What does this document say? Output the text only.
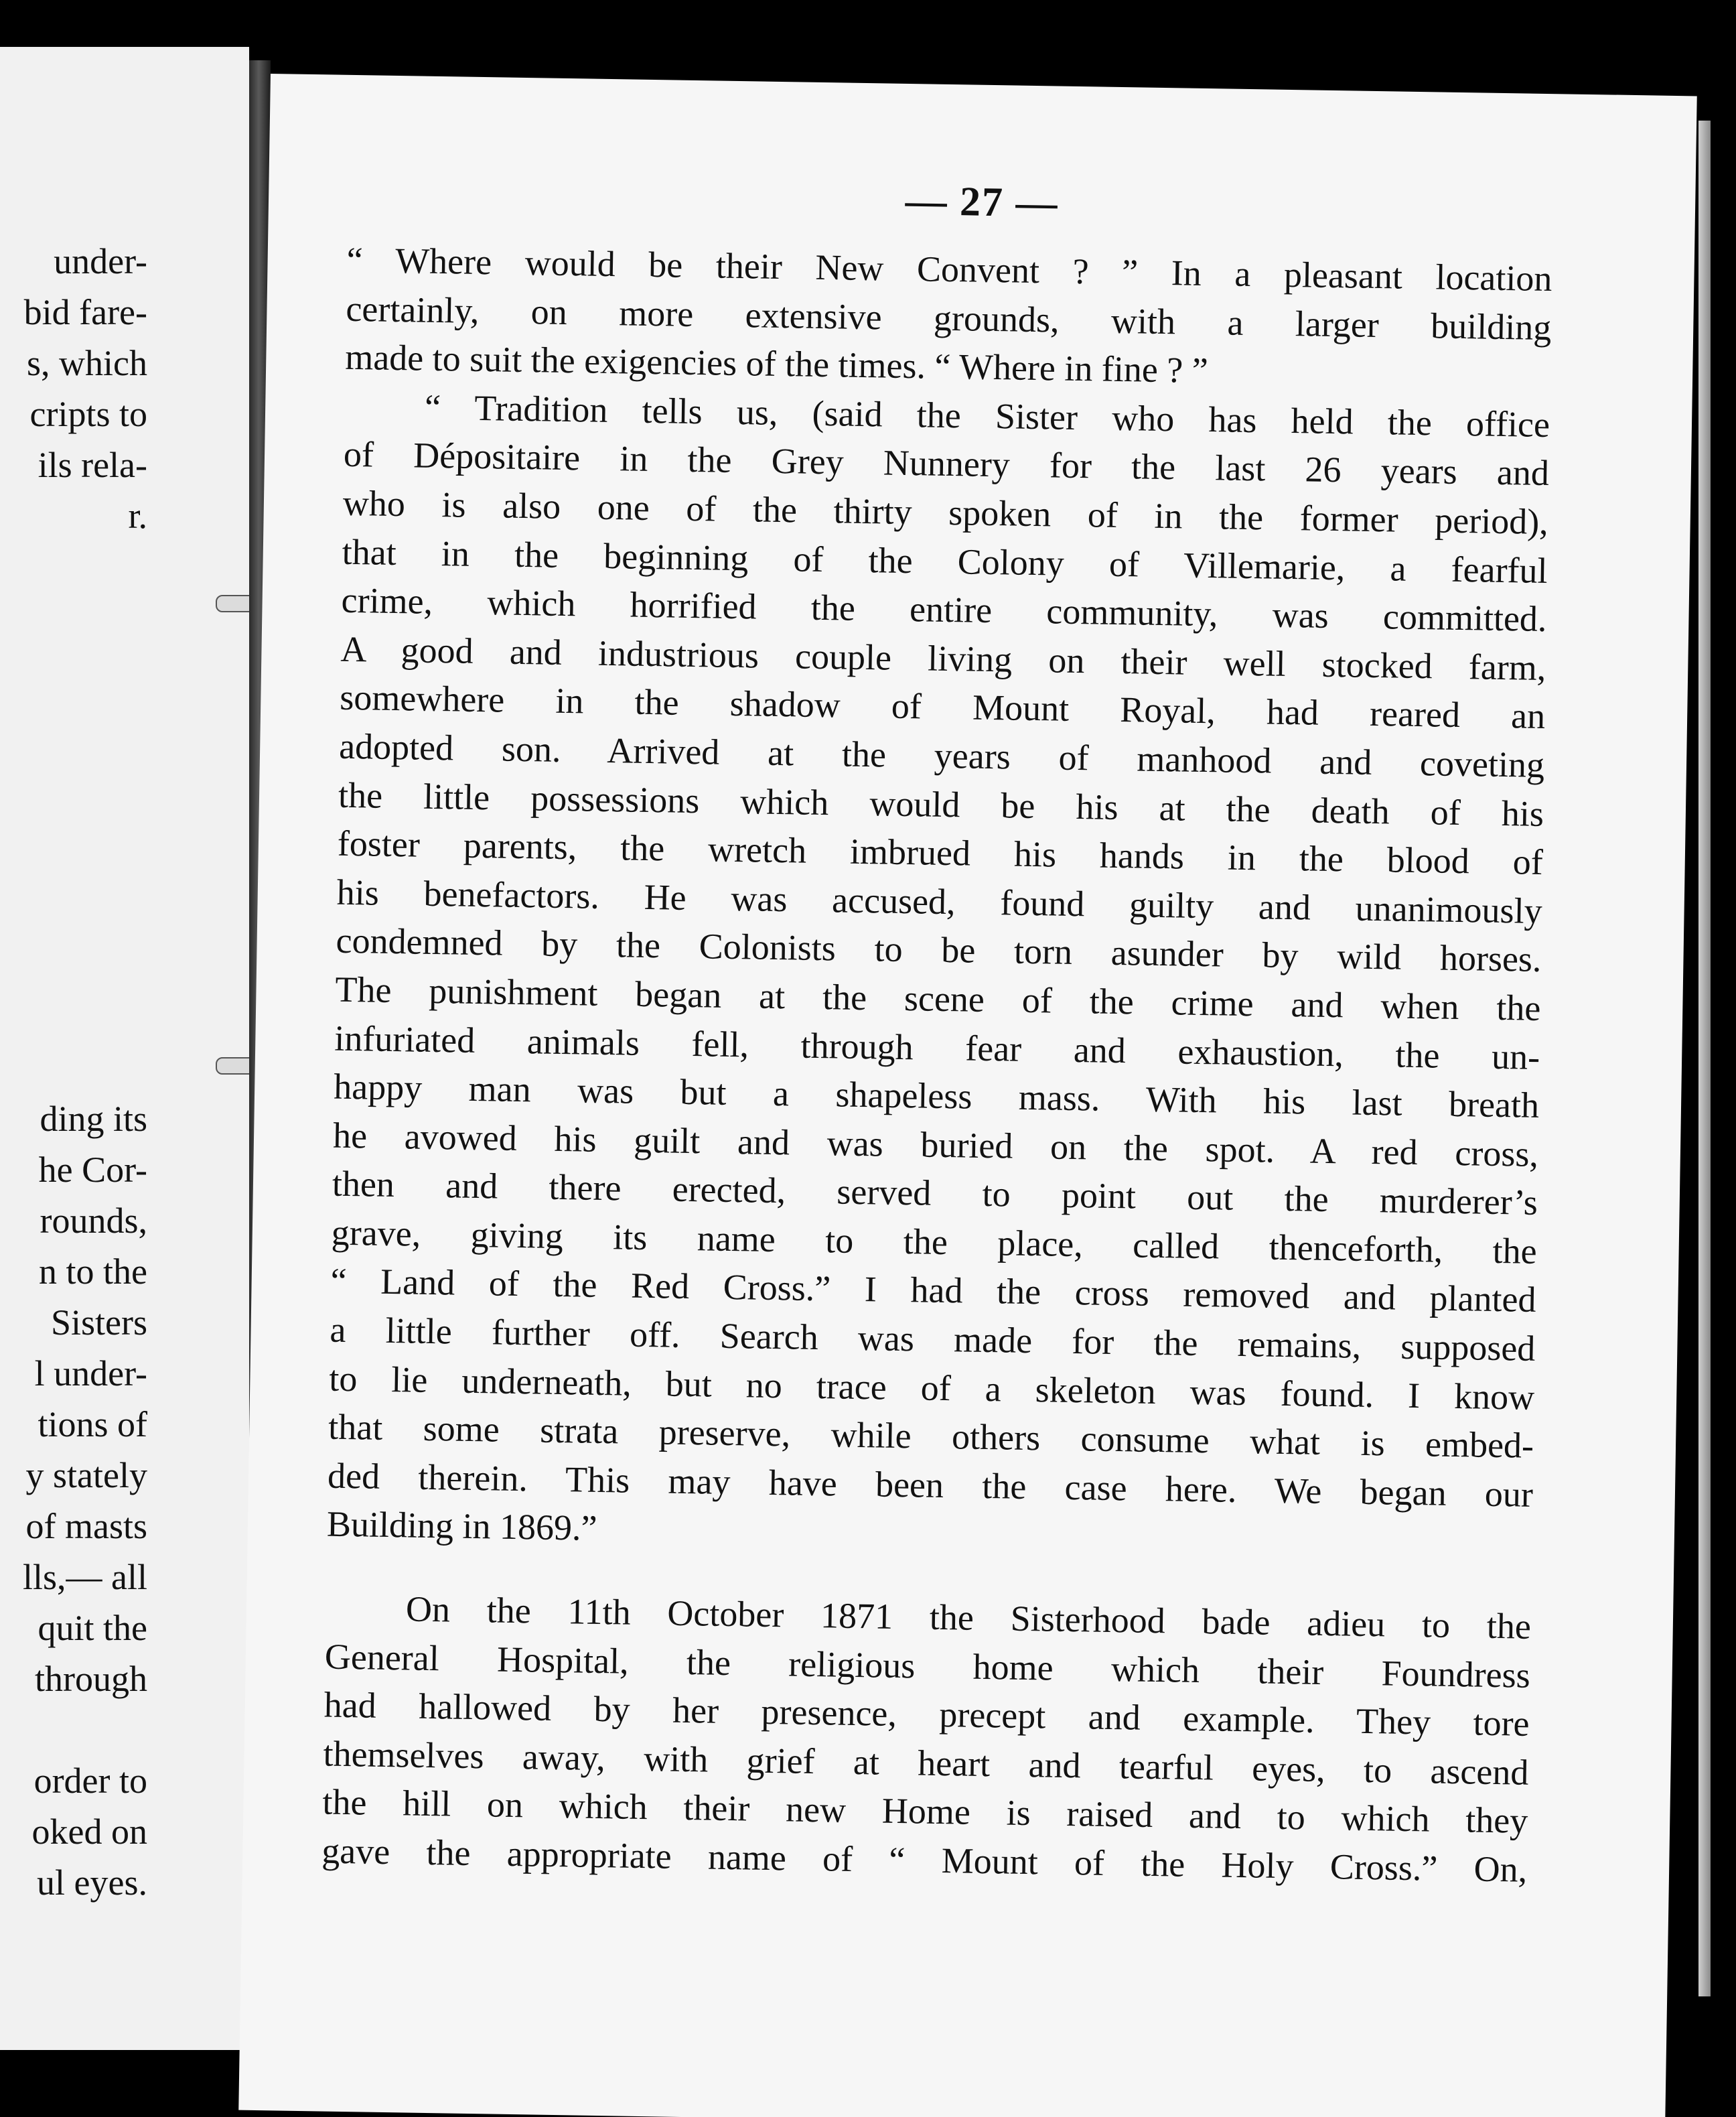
under-
bid fare-
s, which
cripts to
ils rela-
r.
ding its
he Cor-
rounds,
n to the
Sisters
l under-
tions of
y stately
of masts
lls,— all
quit the
through
order to
oked on
ul eyes.
— 27 —
“ Where would be their New Convent ? ” In a pleasant location
certainly, on more extensive grounds, with a larger building
made to suit the exigencies of the times. “ Where in fine ? ”
“ Tradition tells us, (said the Sister who has held the office
of Dépositaire in the Grey Nunnery for the last 26 years and
who is also one of the thirty spoken of in the former period),
that in the beginning of the Colony of Villemarie, a fearful
crime, which horrified the entire community, was committed.
A good and industrious couple living on their well stocked farm,
somewhere in the shadow of Mount Royal, had reared an
adopted son. Arrived at the years of manhood and coveting
the little possessions which would be his at the death of his
foster parents, the wretch imbrued his hands in the blood of
his benefactors. He was accused, found guilty and unanimously
condemned by the Colonists to be torn asunder by wild horses.
The punishment began at the scene of the crime and when the
infuriated animals fell, through fear and exhaustion, the un-
happy man was but a shapeless mass. With his last breath
he avowed his guilt and was buried on the spot. A red cross,
then and there erected, served to point out the murderer’s
grave, giving its name to the place, called thenceforth, the
“ Land of the Red Cross.” I had the cross removed and planted
a little further off. Search was made for the remains, supposed
to lie underneath, but no trace of a skeleton was found. I know
that some strata preserve, while others consume what is embed-
ded therein. This may have been the case here. We began our
Building in 1869.”
On the 11th October 1871 the Sisterhood bade adieu to the
General Hospital, the religious home which their Foundress
had hallowed by her presence, precept and example. They tore
themselves away, with grief at heart and tearful eyes, to ascend
the hill on which their new Home is raised and to which they
gave the appropriate name of “ Mount of the Holy Cross.” On,
